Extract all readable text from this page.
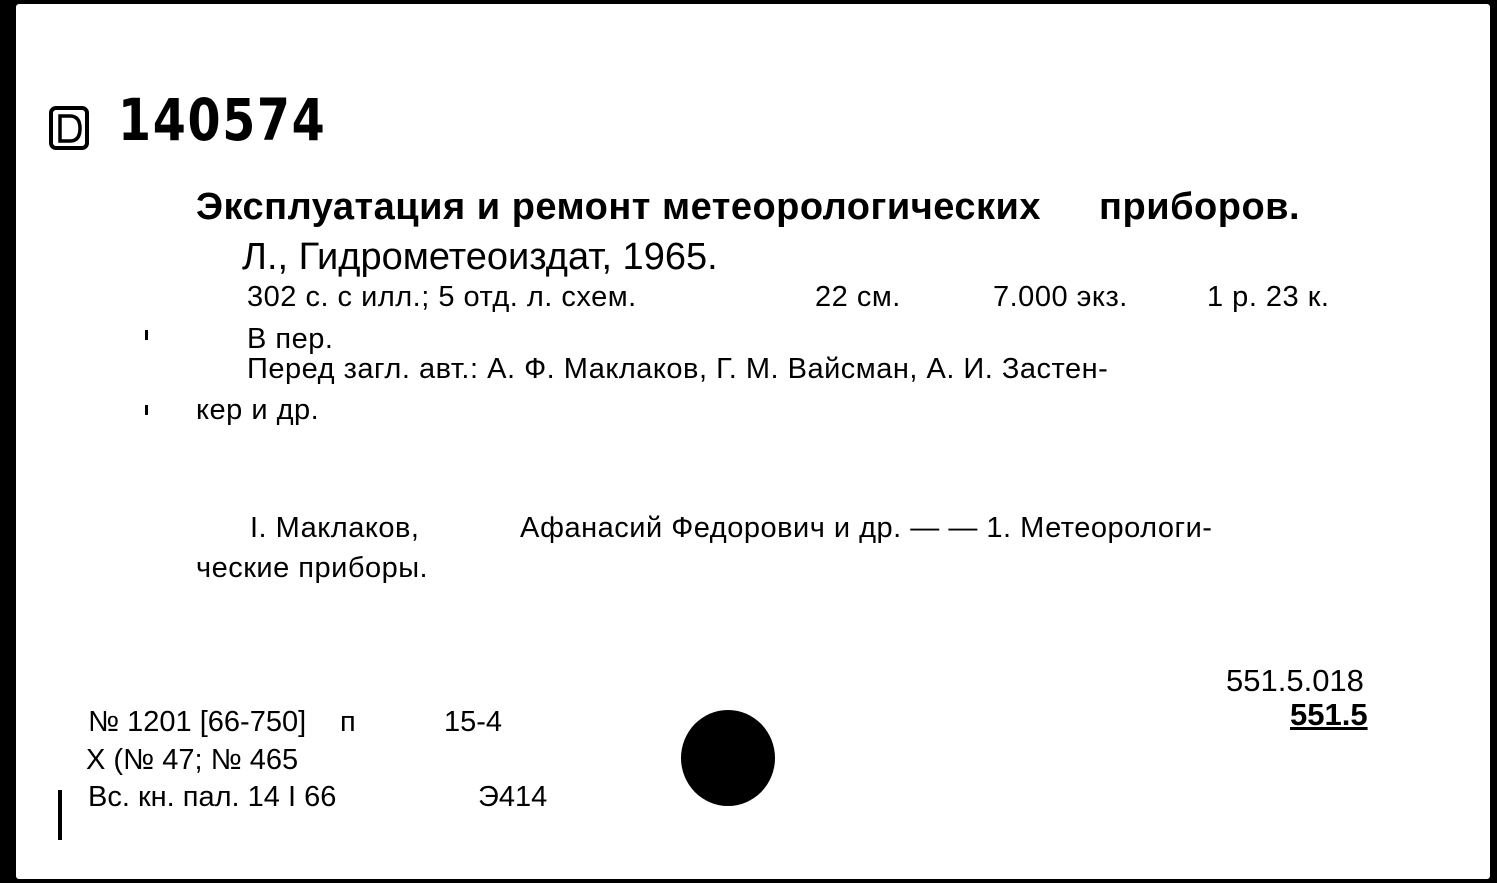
140574
Эксплуатация и ремонт метеорологических приборов.
Л., Гидрометеоиздат, 1965.
302 с. с илл.; 5 отд. л. схем.	22 см.	7.000 экз.	1 р. 23 к.
В пер.
Перед загл. авт.: А. Ф. Маклаков, Г. М. Вайсман, А. И. Застен-
кер и др.
I. Маклаков,	Афанасий Федорович и др. — — 1. Метеорологи-
ческие приборы.
551.5.018
551.5
№ 1201 [66-750] п	15-4
X (№ 47; № 465
Вс. кн. пал. 14 I 66	Э414
